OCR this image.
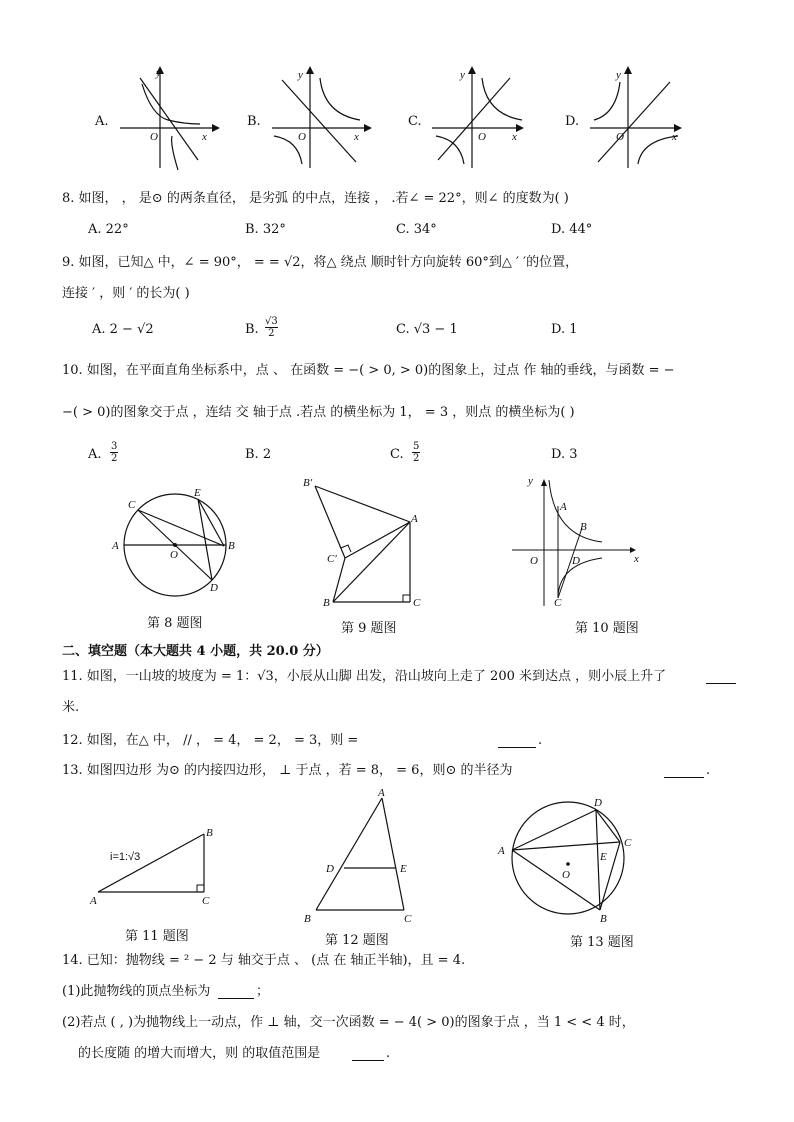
A.
y
O	x
B.
y
O	x
C.
y
O x
D.
y
O	x
8. 如图， ， 是⊙ 的两条直径， 是劣弧 的中点，连接 ， .若∠ = 22°，则∠ 的度数为( )
A. 22°	B. 32°	C. 34°	D. 44°
9. 如图，已知△ 中，∠ = 90°， = = √2，将△ 绕点 顺时针方向旋转 60°到△ ′ ′的位置，
连接 ′ ，则 ′ 的长为( )
A. 2 − √2	B. $\frac{√3}{2}$	C. √3 − 1	D. 1
10. 如图，在平面直角坐标系中，点 、 在函数 = −( > 0, > 0)的图象上，过点 作 轴的垂线，与函数 = −
−( > 0)的图象交于点 ，连结 交 轴于点 .若点 的横坐标为 1， = 3 ，则点 的横坐标为( )
A. $\frac{3}{2}$	B. 2	C. $\frac{5}{2}$	D. 3
C
E
A
O
B
D
第 8 题图
B′
A
C′
B	C
第 9 题图
y
A
B
O	D	x
C
第 10 题图
二、填空题（本大题共 4 小题，共 20.0 分）
11. 如图，一山坡的坡度为 = 1：√3，小辰从山脚 出发，沿山坡向上走了 200 米到达点 ，则小辰上升了
米.
12. 如图，在△ 中， // ， = 4， = 2， = 3，则 =	.
13. 如图四边形 为⊙ 的内接四边形， ⊥ 于点 ，若 = 8， = 6，则⊙ 的半径为	.
B
i=1:√3
A	C
第 11 题图
A
D	E
B	C
第 12 题图
D
A
C
E
O
B
第 13 题图
14. 已知：抛物线 = ² − 2 与 轴交于点 、 (点 在 轴正半轴)，且 = 4.
(1)此抛物线的顶点坐标为	；
(2)若点 ( , )为抛物线上一动点，作 ⊥ 轴，交一次函数 = − 4( > 0)的图象于点 ，当 1 < < 4 时，
的长度随 的增大而增大，则 的取值范围是	.
